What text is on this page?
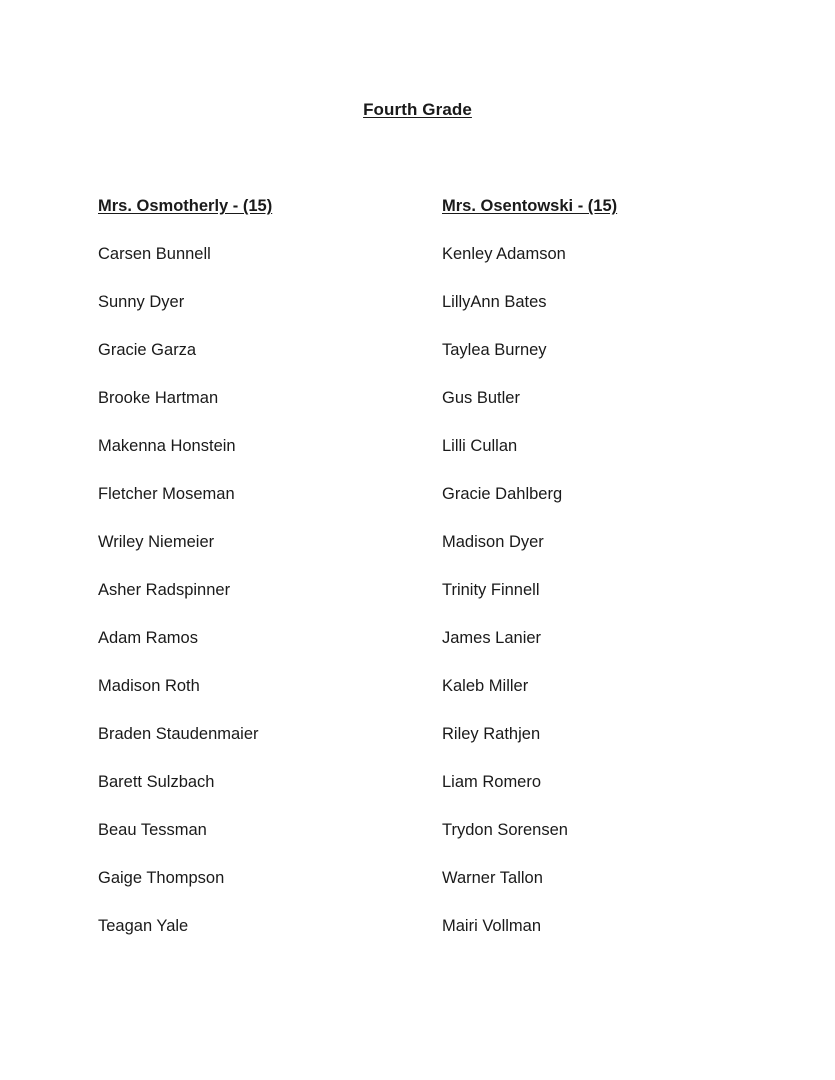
Fourth Grade
Mrs. Osmotherly - (15)
Carsen Bunnell
Sunny Dyer
Gracie Garza
Brooke Hartman
Makenna Honstein
Fletcher Moseman
Wriley Niemeier
Asher Radspinner
Adam Ramos
Madison Roth
Braden Staudenmaier
Barett Sulzbach
Beau Tessman
Gaige Thompson
Teagan Yale
Mrs. Osentowski - (15)
Kenley Adamson
LillyAnn Bates
Taylea Burney
Gus Butler
Lilli Cullan
Gracie Dahlberg
Madison Dyer
Trinity Finnell
James Lanier
Kaleb Miller
Riley Rathjen
Liam Romero
Trydon Sorensen
Warner Tallon
Mairi Vollman
